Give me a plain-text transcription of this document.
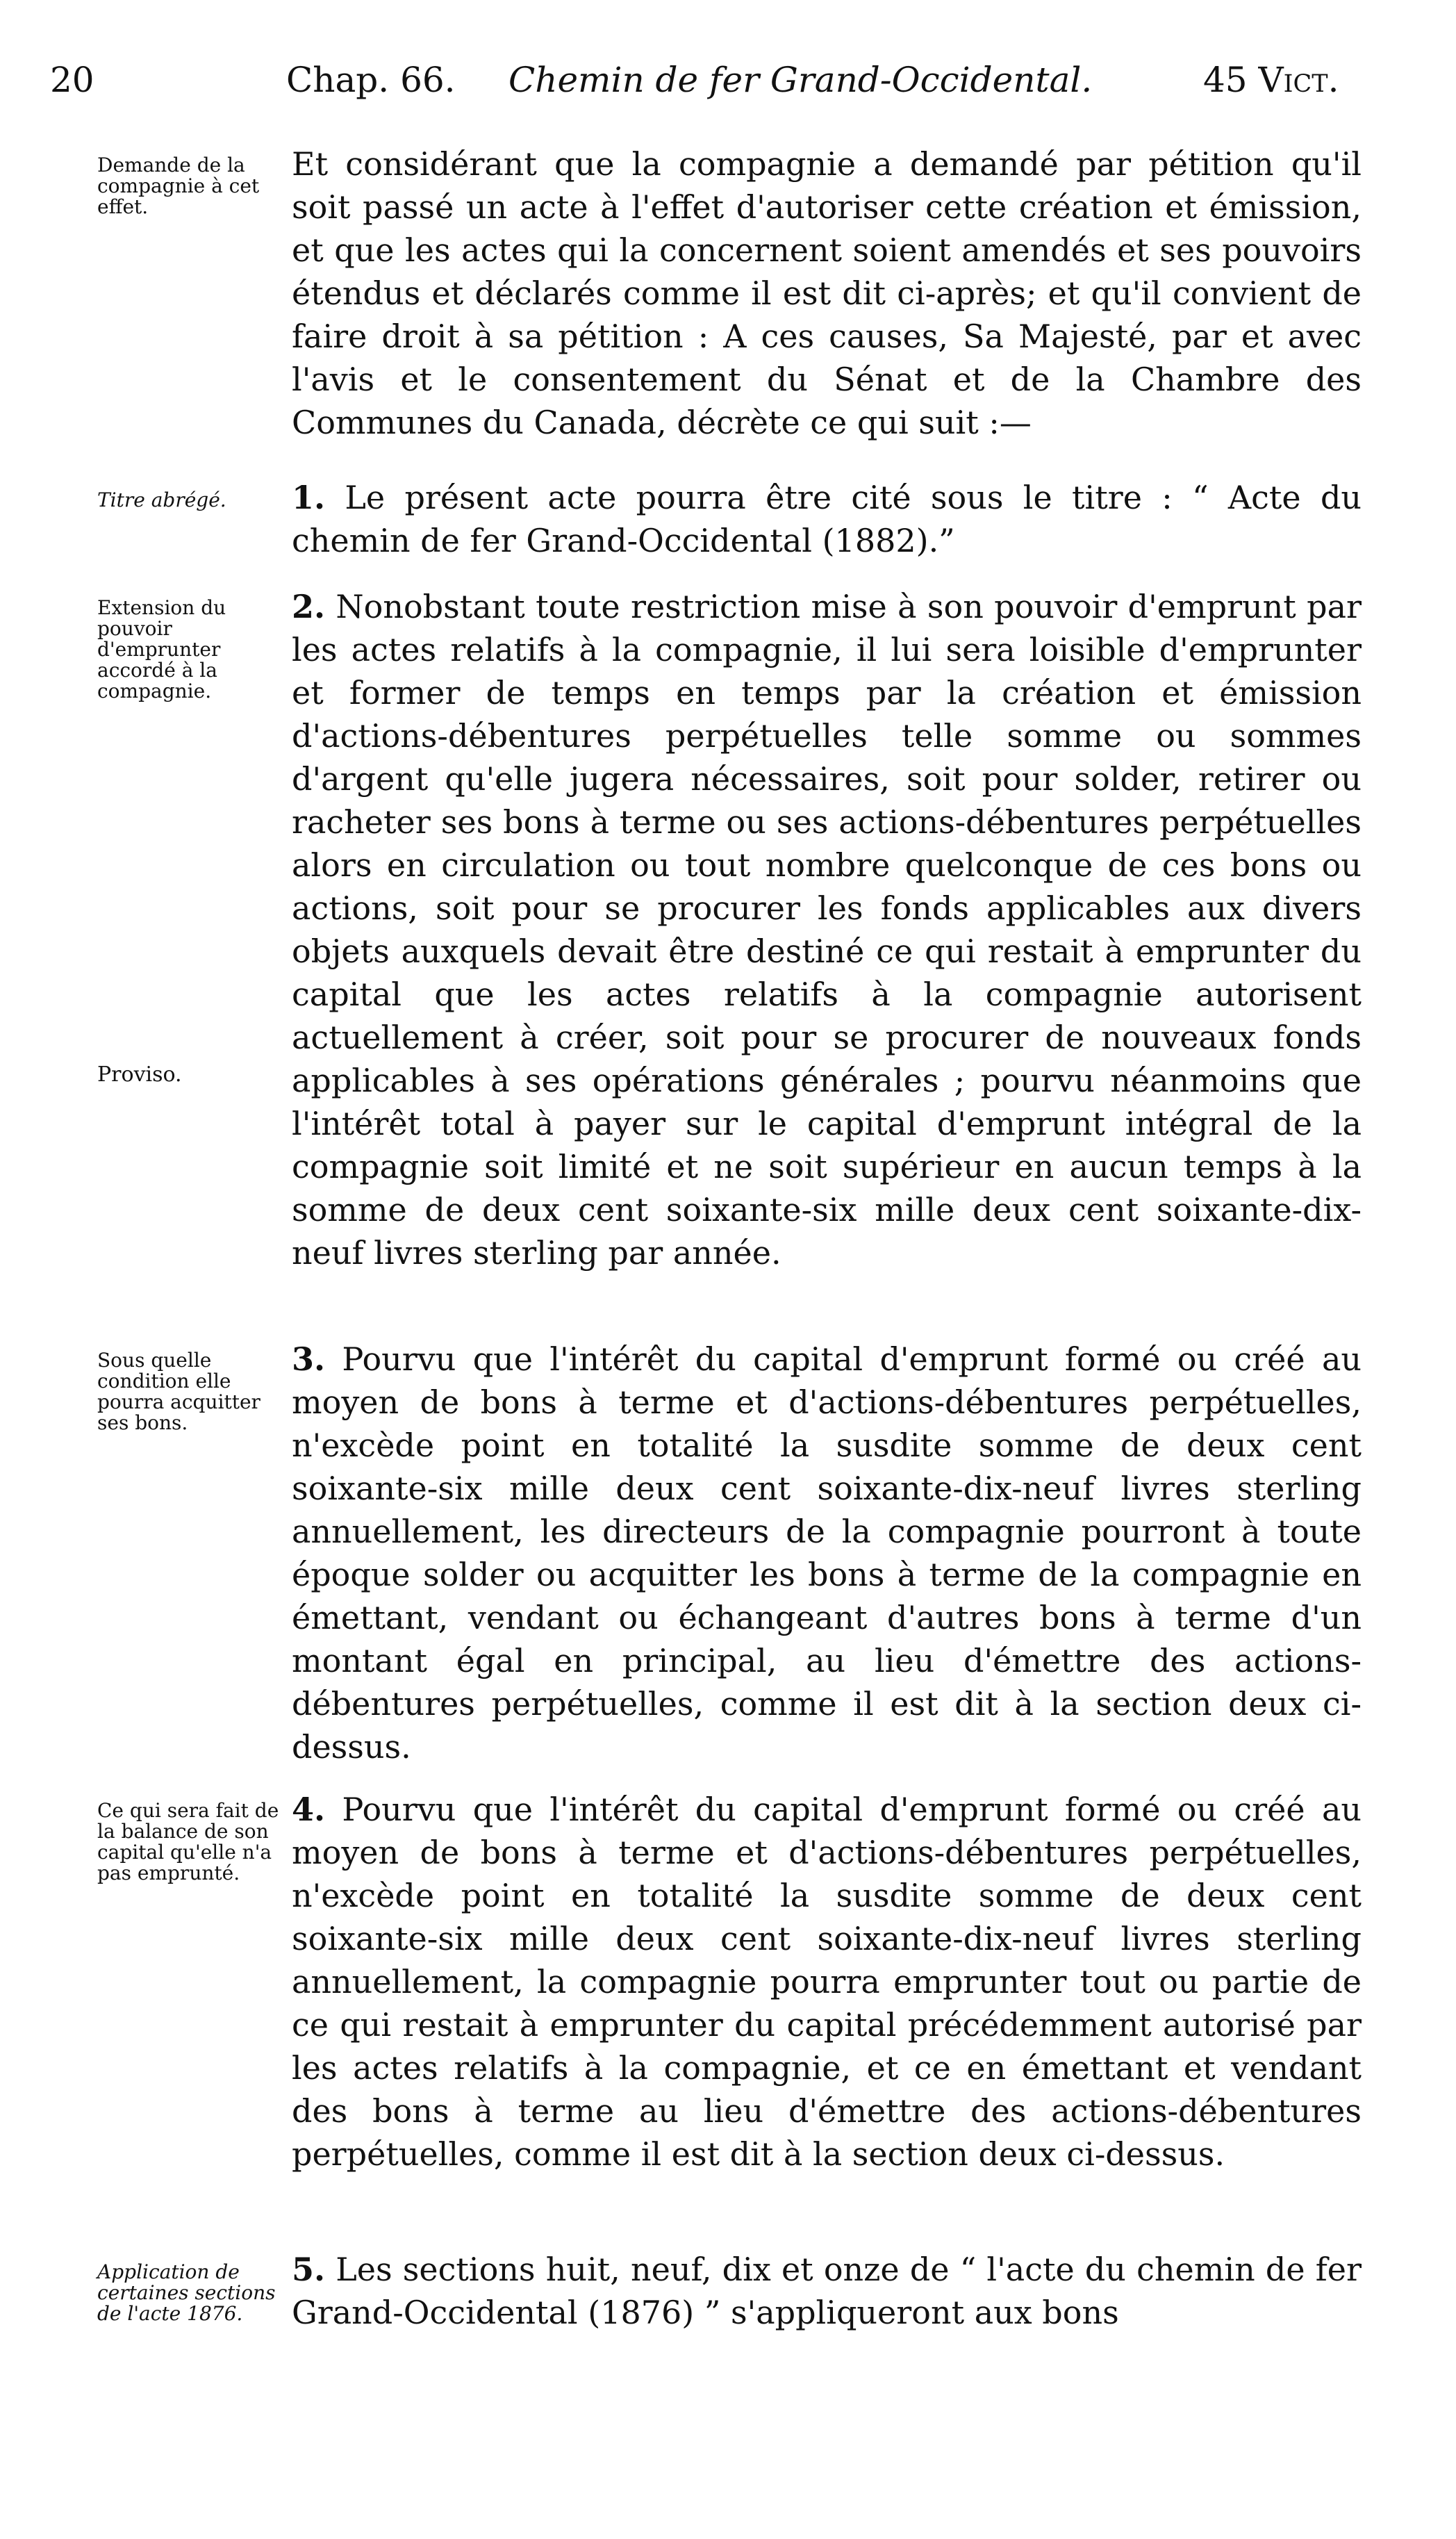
20	Chap. 66. Chemin de fer Grand-Occidental.	45 Vict.
Demande de la compagnie à cet effet.
Et considérant que la compagnie a demandé par pétition qu'il soit passé un acte à l'effet d'autoriser cette création et émission, et que les actes qui la concernent soient amendés et ses pouvoirs étendus et déclarés comme il est dit ci-après; et qu'il convient de faire droit à sa pétition : A ces causes, Sa Majesté, par et avec l'avis et le consentement du Sénat et de la Chambre des Communes du Canada, décrète ce qui suit :—
Titre abrégé.	1. Le présent acte pourra être cité sous le titre : “ Acte du chemin de fer Grand-Occidental (1882).”
Extension du pouvoir d'emprunter accordé à la compagnie.
Proviso.
2. Nonobstant toute restriction mise à son pouvoir d'emprunt par les actes relatifs à la compagnie, il lui sera loisible d'emprunter et former de temps en temps par la création et émission d'actions-débentures perpétuelles telle somme ou sommes d'argent qu'elle jugera nécessaires, soit pour solder, retirer ou racheter ses bons à terme ou ses actions-débentures perpétuelles alors en circulation ou tout nombre quelconque de ces bons ou actions, soit pour se procurer les fonds applicables aux divers objets auxquels devait être destiné ce qui restait à emprunter du capital que les actes relatifs à la compagnie autorisent actuellement à créer, soit pour se procurer de nouveaux fonds applicables à ses opérations générales ; pourvu néanmoins que l'intérêt total à payer sur le capital d'emprunt intégral de la compagnie soit limité et ne soit supérieur en aucun temps à la somme de deux cent soixante-six mille deux cent soixante-dix-neuf livres sterling par année.
Sous quelle condition elle pourra acquitter ses bons.
3. Pourvu que l'intérêt du capital d'emprunt formé ou créé au moyen de bons à terme et d'actions-débentures perpétuelles, n'excède point en totalité la susdite somme de deux cent soixante-six mille deux cent soixante-dix-neuf livres sterling annuellement, les directeurs de la compagnie pourront à toute époque solder ou acquitter les bons à terme de la compagnie en émettant, vendant ou échangeant d'autres bons à terme d'un montant égal en principal, au lieu d'émettre des actions-débentures perpétuelles, comme il est dit à la section deux ci-dessus.
Ce qui sera fait de la balance de son capital qu'elle n'a pas emprunté.
4. Pourvu que l'intérêt du capital d'emprunt formé ou créé au moyen de bons à terme et d'actions-débentures perpétuelles, n'excède point en totalité la susdite somme de deux cent soixante-six mille deux cent soixante-dix-neuf livres sterling annuellement, la compagnie pourra emprunter tout ou partie de ce qui restait à emprunter du capital précédemment autorisé par les actes relatifs à la compagnie, et ce en émettant et vendant des bons à terme au lieu d'émettre des actions-débentures perpétuelles, comme il est dit à la section deux ci-dessus.
Application de certaines sections de l'acte 1876.
5. Les sections huit, neuf, dix et onze de “ l'acte du chemin de fer Grand-Occidental (1876) ” s'appliqueront aux bons
